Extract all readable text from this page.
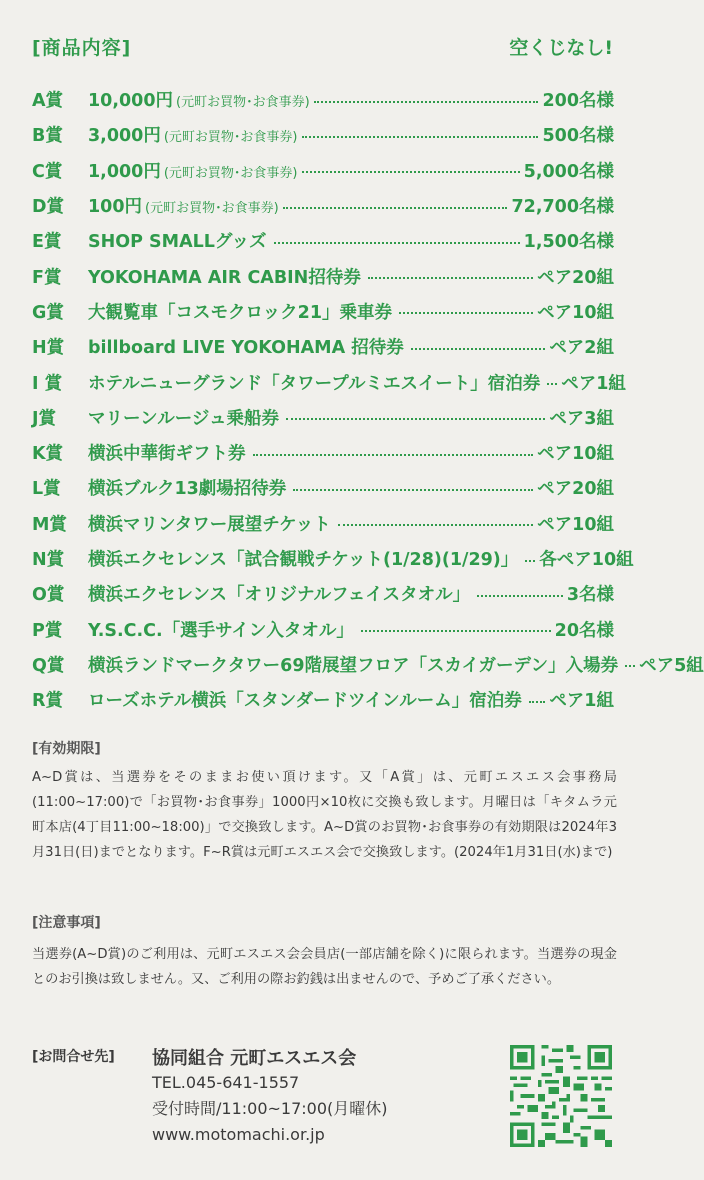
[商品内容]	空くじなし!
A賞	10,000円 (元町お買物･お食事券)	200名様
B賞	3,000円 (元町お買物･お食事券)	500名様
C賞	1,000円 (元町お買物･お食事券)	5,000名様
D賞	100円 (元町お買物･お食事券)	72,700名様
E賞	SHOP SMALLグッズ	1,500名様
F賞	YOKOHAMA AIR CABIN招待券	ペア20組
G賞	大観覧車「コスモクロック21」乗車券	ペア10組
H賞	billboard LIVE YOKOHAMA 招待券	ペア2組
I 賞	ホテルニューグランド「タワープルミエスイート」宿泊券 ペア1組
J賞	マリーンルージュ乗船券	ペア3組
K賞	横浜中華街ギフト券	ペア10組
L賞	横浜ブルク13劇場招待券	ペア20組
M賞	横浜マリンタワー展望チケット	ペア10組
N賞	横浜エクセレンス「試合観戦チケット(1/28)(1/29)」 各ペア10組
O賞	横浜エクセレンス「オリジナルフェイスタオル」	3名様
P賞	Y.S.C.C.「選手サイン入タオル」	20名様
Q賞	横浜ランドマークタワー69階展望フロア「スカイガーデン」入場券 ペア5組
R賞	ローズホテル横浜「スタンダードツインルーム」宿泊券 ペア1組
[有効期限]
A~D賞は、当選券をそのままお使い頂けます。又「A賞」は、元町エスエス会事務局(11:00~17:00)で「お買物･お食事券」1000円×10枚に交換も致します。月曜日は「キタムラ元町本店(4丁目11:00~18:00)」で交換致します。A~D賞のお買物･お食事券の有効期限は2024年3月31日(日)までとなります。F~R賞は元町エスエス会で交換致します。(2024年1月31日(水)まで)
[注意事項]
当選券(A~D賞)のご利用は、元町エスエス会会員店(一部店舗を除く)に限られます。当選券の現金とのお引換は致しません。又、ご利用の際お釣銭は出ませんので、予めご了承ください。
[お問合せ先] 協同組合 元町エスエス会
TEL.045-641-1557
受付時間/11:00~17:00(月曜休)
www.motomachi.or.jp
